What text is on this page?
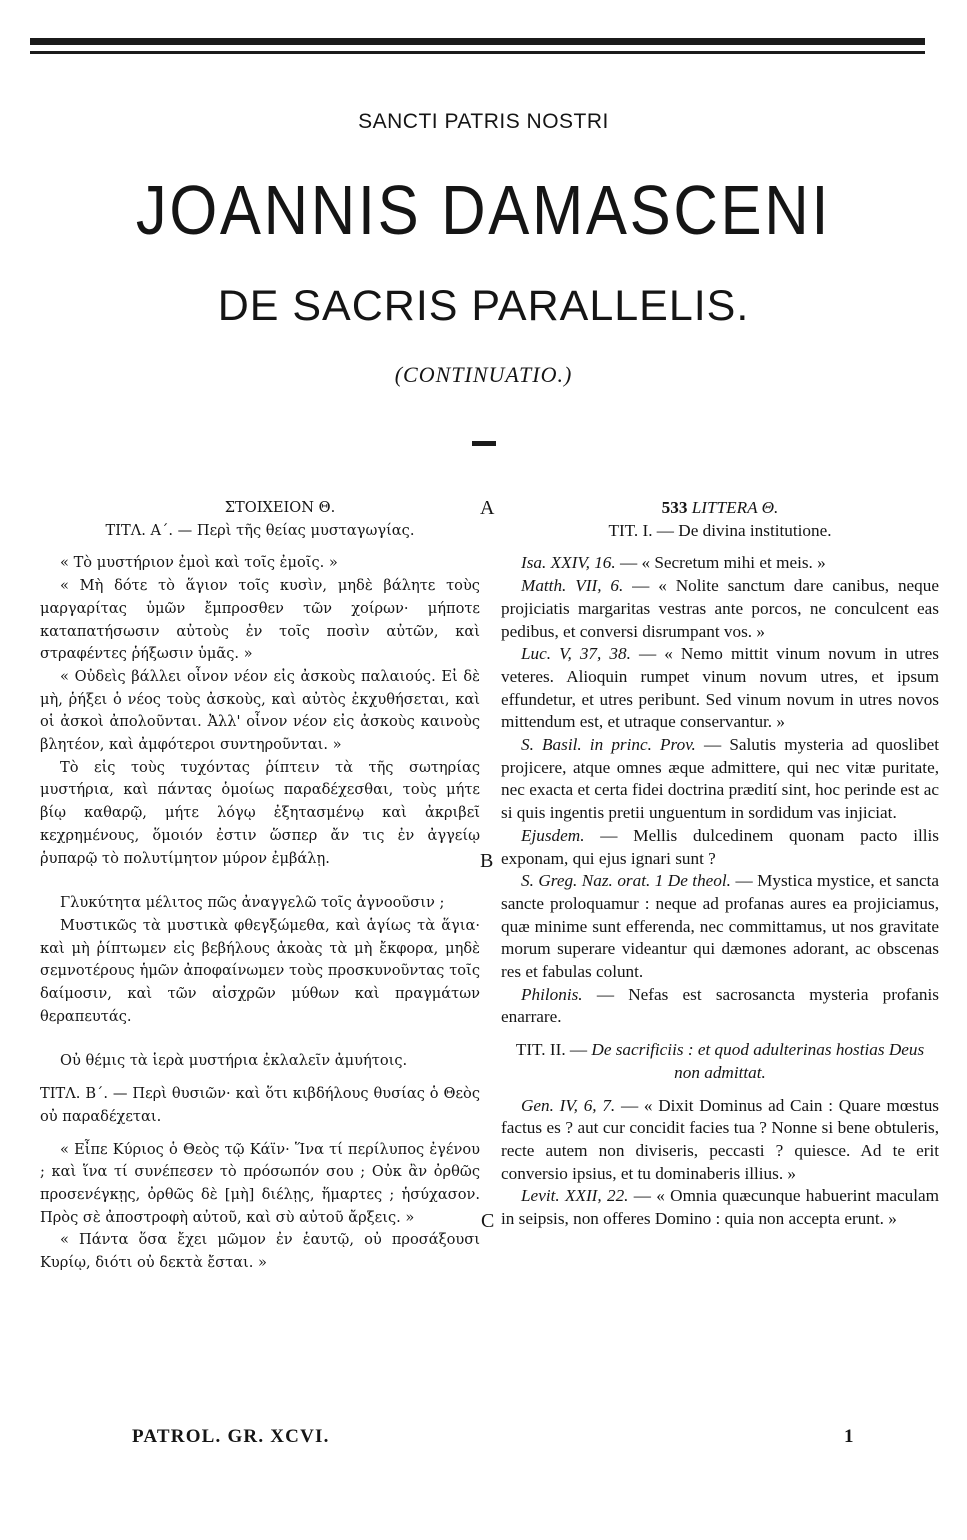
SANCTI PATRIS NOSTRI
JOANNIS DAMASCENI
DE SACRIS PARALLELIS.
(CONTINUATIO.)
A
B
C
ΣΤΟΙΧΕΙΟΝ Θ.
ΤΙΤΛ. Α΄. — Περὶ τῆς θείας μυσταγωγίας.

« Τὸ μυστήριον ἐμοὶ καὶ τοῖς ἐμοῖς. »

« Μὴ δότε τὸ ἅγιον τοῖς κυσὶν, μηδὲ βάλητε τοὺς μαργαρίτας ὑμῶν ἔμπροσθεν τῶν χοίρων· μήποτε καταπατήσωσιν αὐτοὺς ἐν τοῖς ποσὶν αὐτῶν, καὶ στραφέντες ῥήξωσιν ὑμᾶς. »

« Οὐδεὶς βάλλει οἶνον νέον εἰς ἀσκοὺς παλαιούς. Εἰ δὲ μὴ, ῥήξει ὁ νέος τοὺς ἀσκοὺς, καὶ αὐτὸς ἐκχυθήσεται, καὶ οἱ ἀσκοὶ ἀπολοῦνται. Ἀλλ' οἶνον νέον εἰς ἀσκοὺς καινοὺς βλητέον, καὶ ἀμφότεροι συντηροῦνται. »

Τὸ εἰς τοὺς τυχόντας ῥίπτειν τὰ τῆς σωτηρίας μυστήρια, καὶ πάντας ὁμοίως παραδέχεσθαι, τοὺς μήτε βίῳ καθαρῷ, μήτε λόγῳ ἐξητασμένῳ καὶ ἀκριβεῖ κεχρημένους, ὅμοιόν ἐστιν ὥσπερ ἄν τις ἐν ἀγγείῳ ῥυπαρῷ τὸ πολυτίμητον μύρον ἐμβάλῃ.

Γλυκύτητα μέλιτος πῶς ἀναγγελῶ τοῖς ἀγνοοῦσιν ;

Μυστικῶς τὰ μυστικὰ φθεγξώμεθα, καὶ ἁγίως τὰ ἅγια· καὶ μὴ ῥίπτωμεν εἰς βεβήλους ἀκοὰς τὰ μὴ ἔκφορα, μηδὲ σεμνοτέρους ἡμῶν ἀποφαίνωμεν τοὺς προσκυνοῦντας τοῖς δαίμοσιν, καὶ τῶν αἰσχρῶν μύθων καὶ πραγμάτων θεραπευτάς.

Οὐ θέμις τὰ ἱερὰ μυστήρια ἐκλαλεῖν ἀμυήτοις.

ΤΙΤΛ. Β΄. — Περὶ θυσιῶν· καὶ ὅτι κιβδήλους θυσίας ὁ Θεὸς οὐ παραδέχεται.

« Εἶπε Κύριος ὁ Θεὸς τῷ Κάϊν· Ἵνα τί περίλυπος ἐγένου ; καὶ ἵνα τί συνέπεσεν τὸ πρόσωπόν σου ; Οὐκ ἂν ὀρθῶς προσενέγκῃς, ὀρθῶς δὲ [μὴ] διέλῃς, ἥμαρτες ; ἡσύχασον. Πρὸς σὲ ἀποστροφὴ αὐτοῦ, καὶ σὺ αὐτοῦ ἄρξεις. »

« Πάντα ὅσα ἔχει μῶμον ἐν ἑαυτῷ, οὐ προσάξουσι Κυρίῳ, διότι οὐ δεκτὰ ἔσται. »

533 LITTERA Θ.
TIT. I. — De divina institutione.

Isa. XXIV, 16. — « Secretum mihi et meis. »

Matth. VII, 6. — « Nolite sanctum dare canibus, neque projiciatis margaritas vestras ante porcos, ne conculcent eas pedibus, et conversi disrumpant vos. »

Luc. V, 37, 38. — « Nemo mittit vinum novum in utres veteres. Alioquin rumpet vinum novum utres, et ipsum effundetur, et utres peribunt. Sed vinum novum in utres novos mittendum est, et utraque conservantur. »

S. Basil. in princ. Prov. — Salutis mysteria ad quoslibet projicere, atque omnes æque admittere, qui nec vitæ puritate, nec exacta et certa fidei doctrina prædití sint, hoc perinde est ac si quis ingentis pretii unguentum in sordidum vas injiciat.

Ejusdem. — Mellis dulcedinem quonam pacto illis exponam, qui ejus ignari sunt ?

S. Greg. Naz. orat. 1 De theol. — Mystica mystice, et sancta sancte proloquamur : neque ad profanas aures ea projiciamus, quæ minime sunt efferenda, nec committamus, ut nos gravitate morum superare videantur qui dæmones adorant, ac obscenas res et fabulas colunt.

Philonis. — Nefas est sacrosancta mysteria profanis enarrare.

TIT. II. — De sacrificiis : et quod adulterinas hostias Deus non admittat.

Gen. IV, 6, 7. — « Dixit Dominus ad Cain : Quare mœstus factus es ? aut cur concidit facies tua ? Nonne si bene obtuleris, recte autem non diviseris, peccasti ? quiesce. Ad te erit conversio ipsius, et tu dominaberis illius. »

Levit. XXII, 22. — « Omnia quæcunque habuerint maculam in seipsis, non offeres Domino : quia non accepta erunt. »

PATROL. GR. XCVI.	1
